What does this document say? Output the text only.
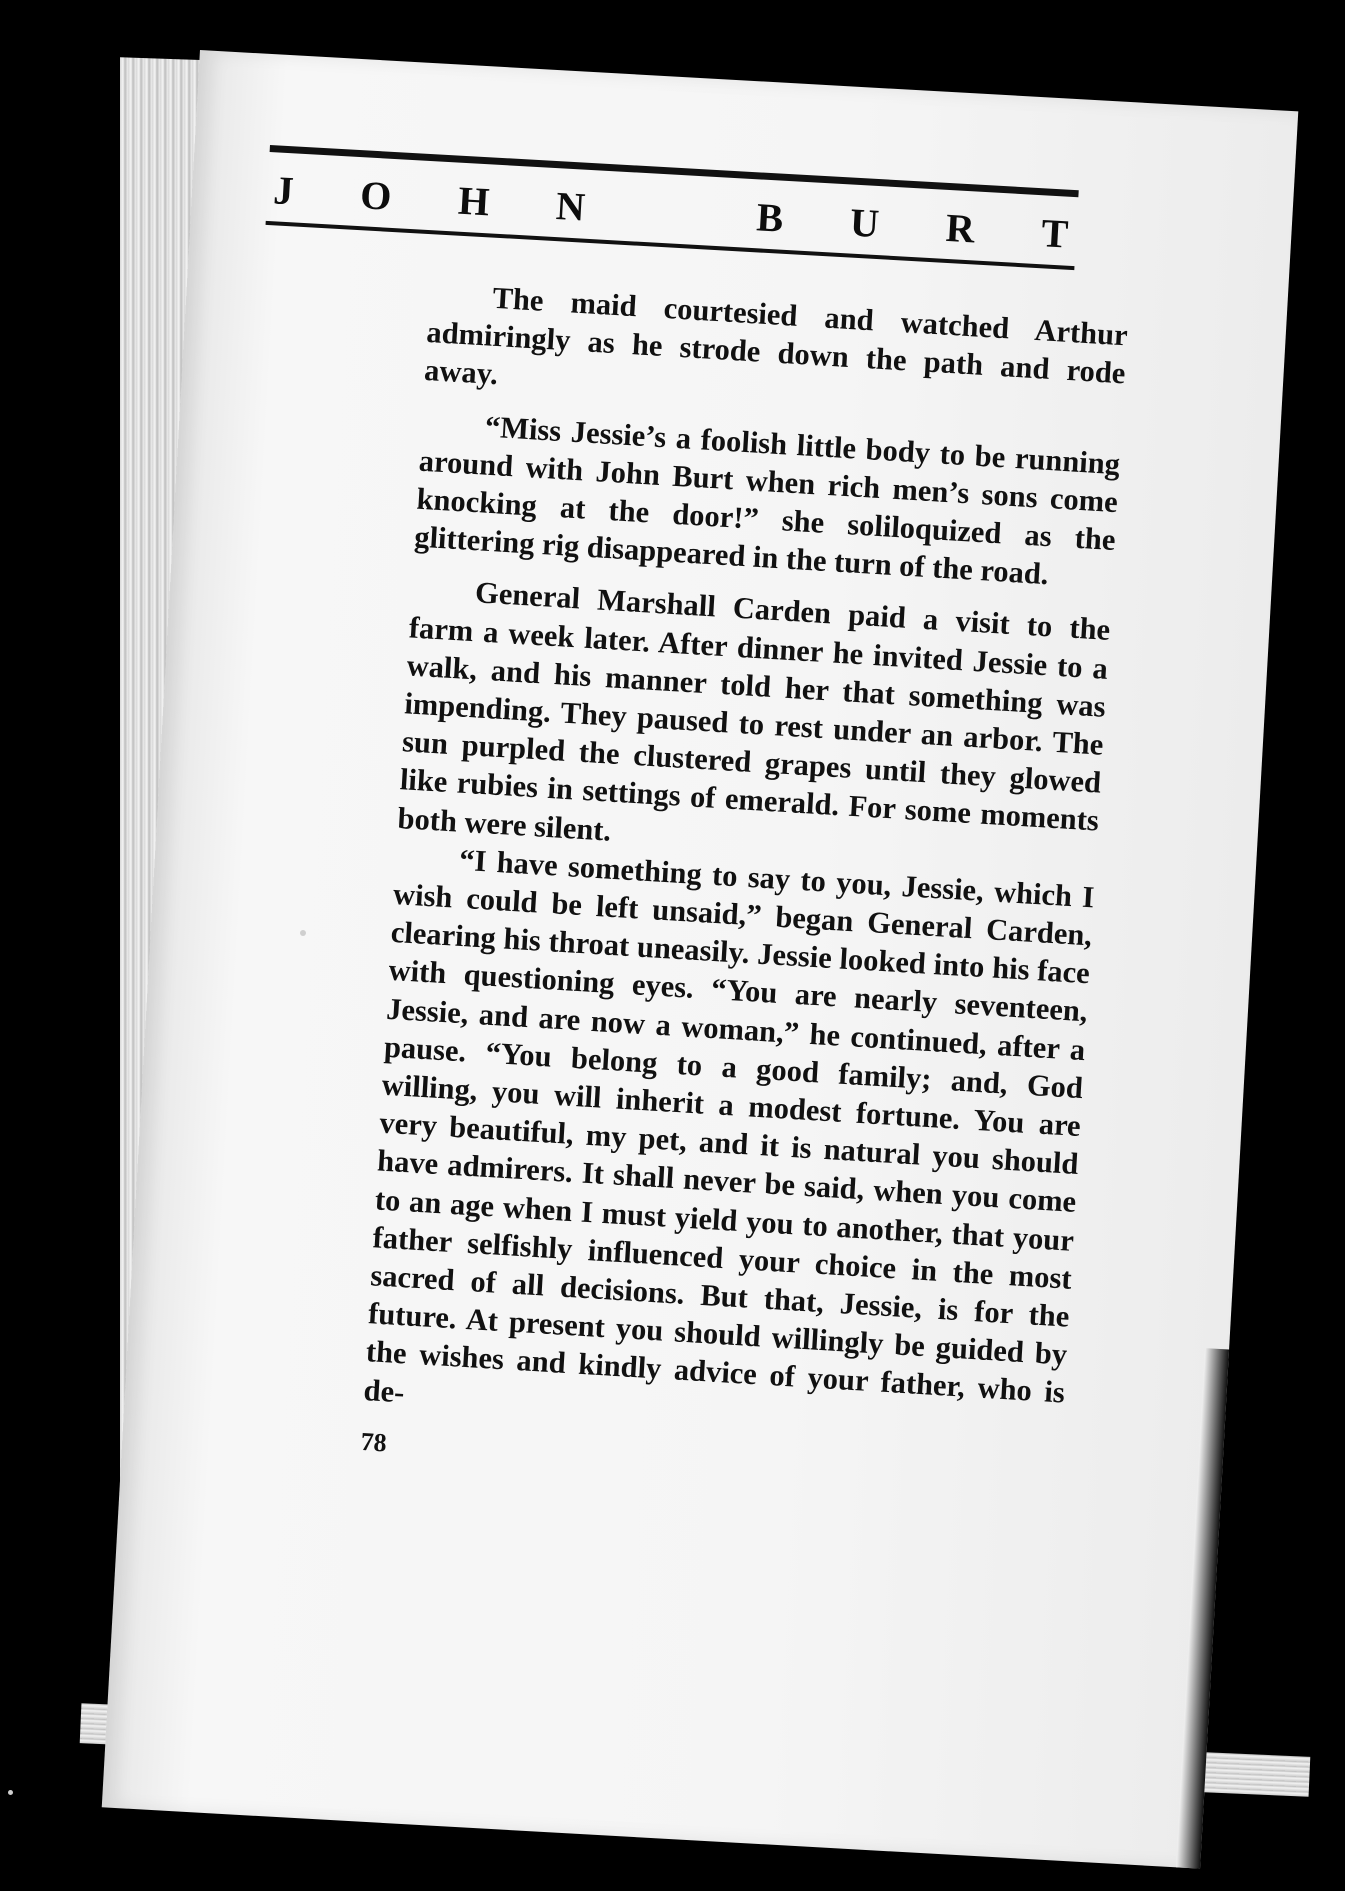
J O H N	B U R T

The maid courtesied and watched Arthur admiringly as he strode down the path and rode away.

“Miss Jessie’s a foolish little body to be running around with John Burt when rich men’s sons come knocking at the door!” she soliloquized as the glittering rig disappeared in the turn of the road.

General Marshall Carden paid a visit to the farm a week later. After dinner he invited Jessie to a walk, and his manner told her that something was impending. They paused to rest under an arbor. The sun purpled the clustered grapes until they glowed like rubies in settings of emerald. For some moments both were silent.

“I have something to say to you, Jessie, which I wish could be left unsaid,” began General Carden, clearing his throat uneasily. Jessie looked into his face with questioning eyes. “You are nearly seventeen, Jessie, and are now a woman,” he continued, after a pause. “You belong to a good family; and, God willing, you will inherit a modest fortune. You are very beautiful, my pet, and it is natural you should have admirers. It shall never be said, when you come to an age when I must yield you to another, that your father selfishly influenced your choice in the most sacred of all decisions. But that, Jessie, is for the future. At present you should willingly be guided by the wishes and kindly advice of your father, who is de-

78
